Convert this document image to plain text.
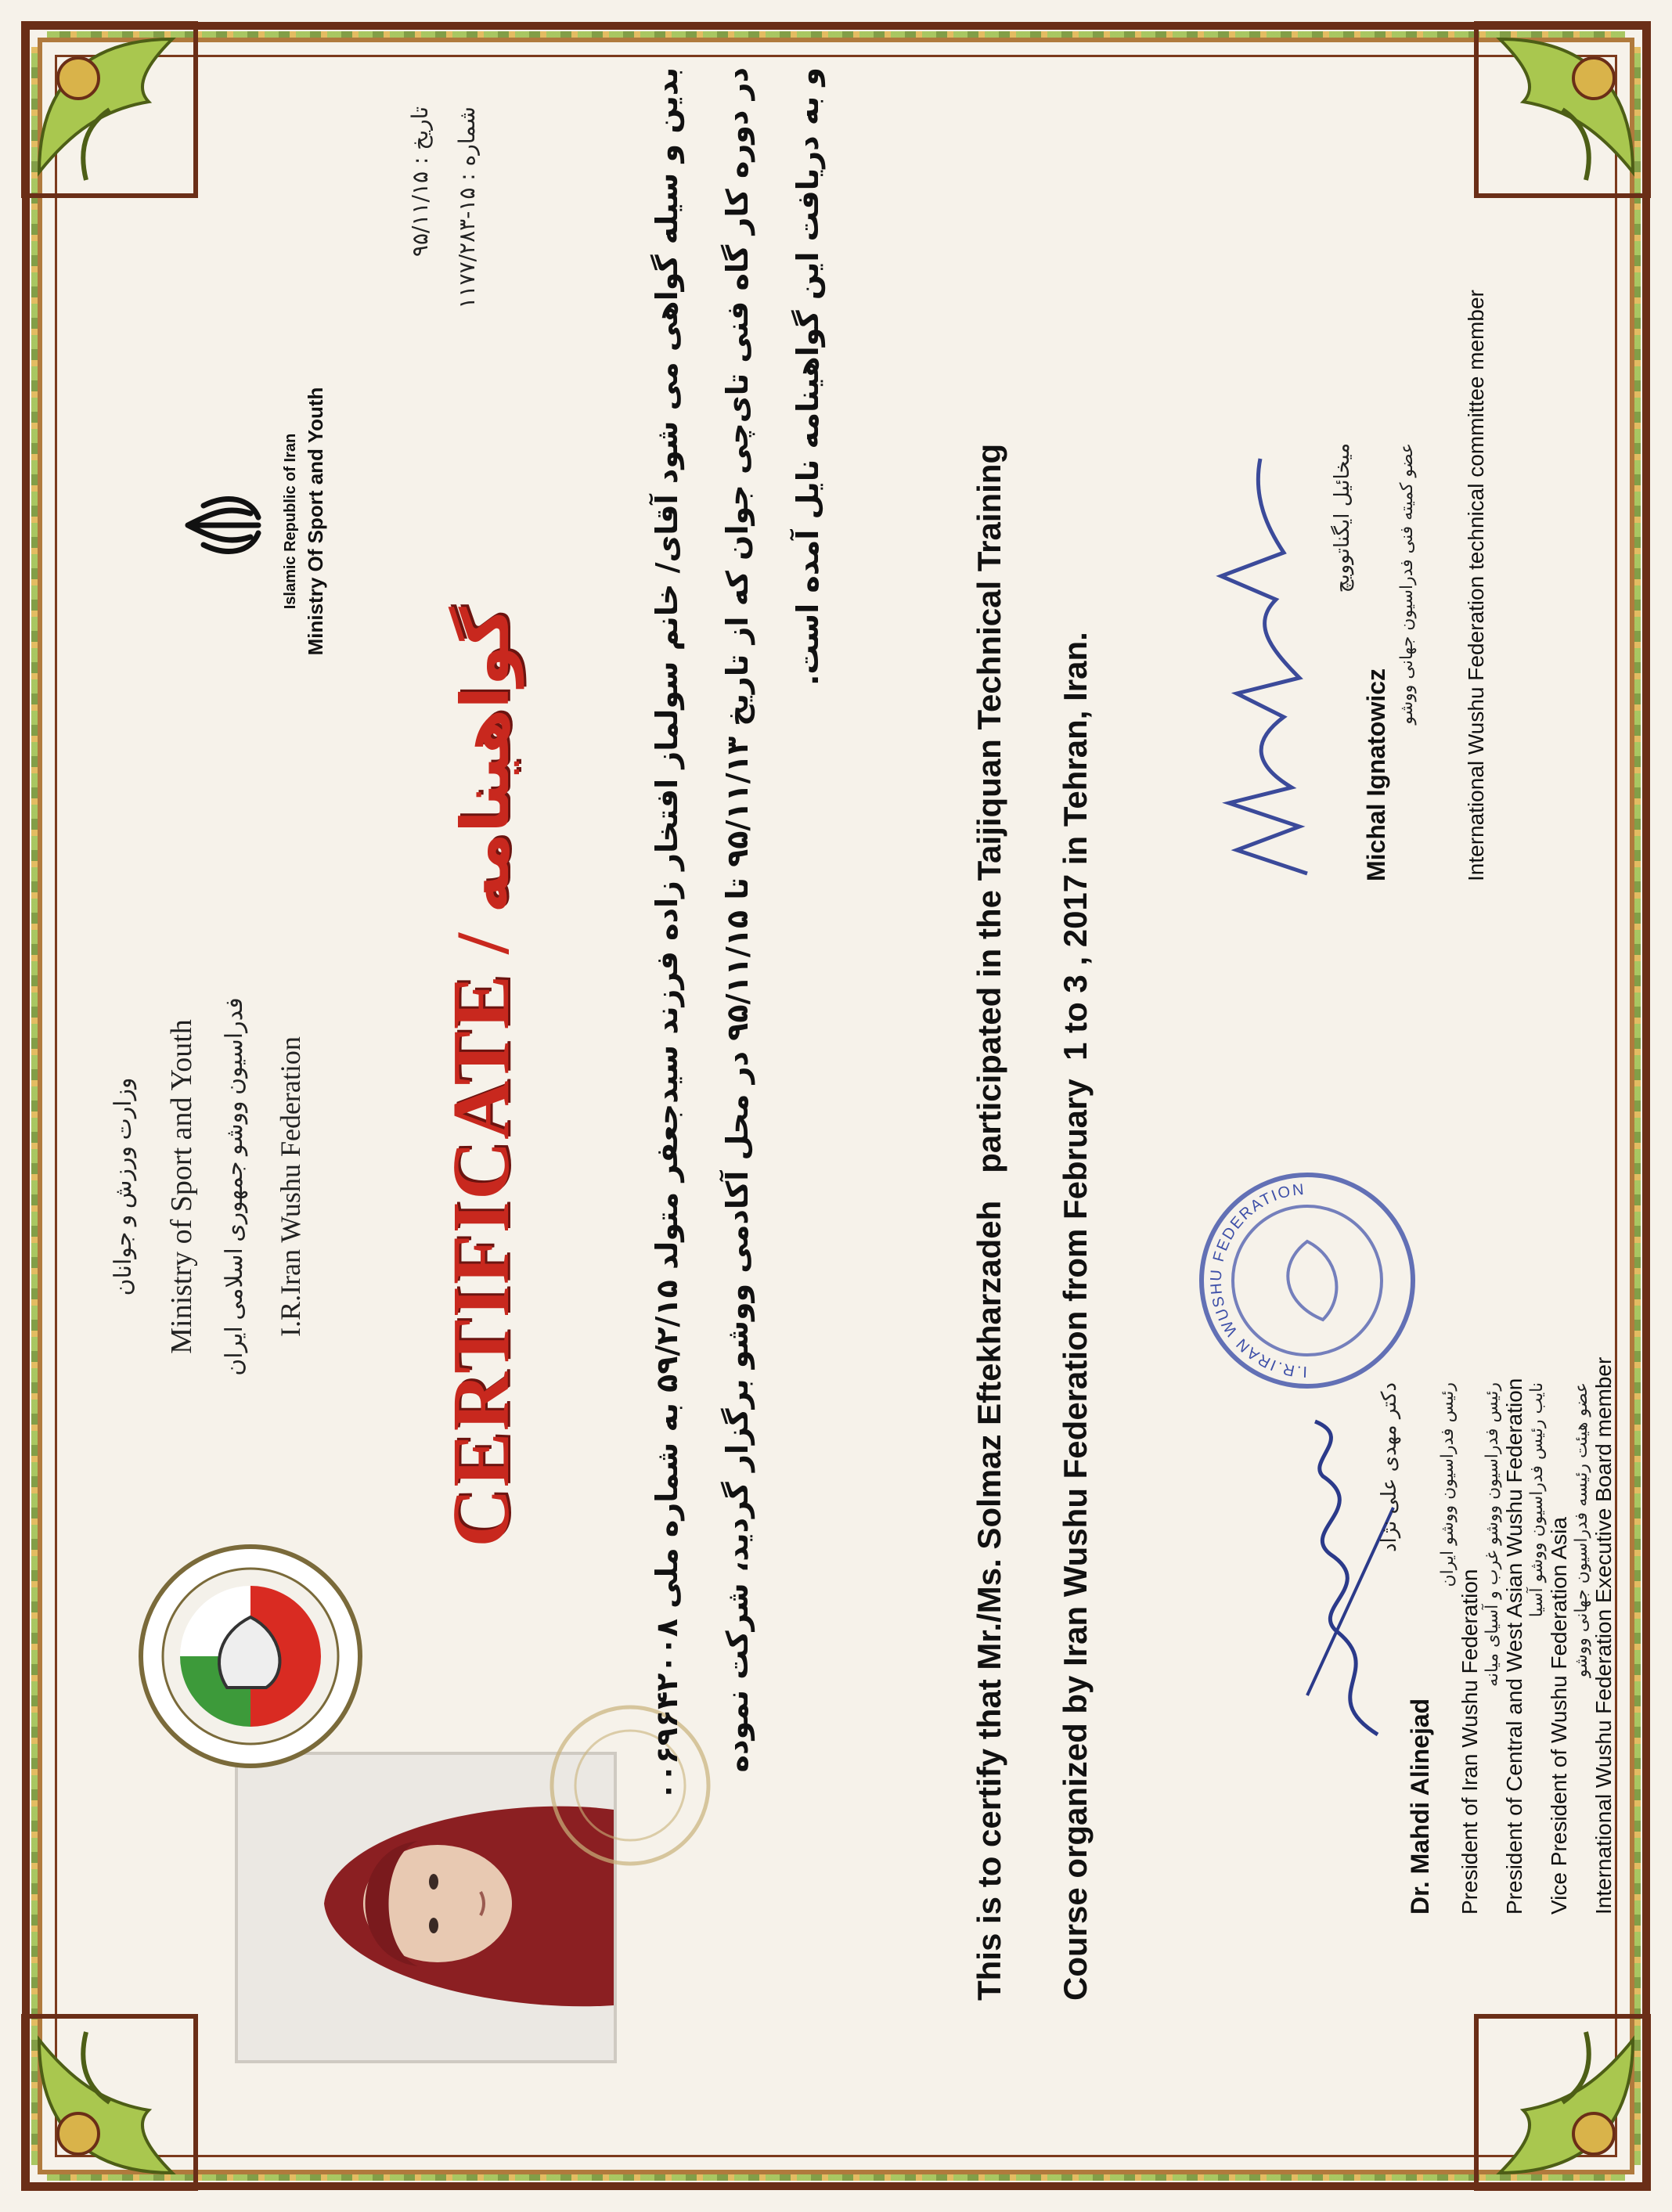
وزارت ورزش و جوانان Ministry of Sport and Youth فدراسیون ووشو جمهوری اسلامی ایران I.R.Iran Wushu Federation
Islamic Republic of Iran Ministry Of Sport and Youth
تاریخ : ۹۵/۱۱/۱۵
شماره : ۱۵-۱۱۷۷/۲۸۳
CERTIFICATE / گواهینامه
بدین و سیله گواهی می شود آقای/ خانم سولماز افتخار زاده فرزند سیدجعفر متولد ۵۹/۲/۱۵ به شماره ملی ۰۰۶۹۶۴۲۰۰۸
در دوره کار گاه فنی تای‌چی جوان که از تاریخ ۹۵/۱۱/۱۳ تا ۹۵/۱۱/۱۵ در محل آکادمی ووشو برگزار گردید، شرکت نموده و به دریافت این گواهینامه نایل آمده است.
This is to certify that Mr./Ms. Solmaz Eftekharzadeh   participated in the Taijiquan Technical Training Course organized by Iran Wushu Federation from February  1 to 3 , 2017 in Tehran, Iran.	I.R.IRAN WUSHU FEDERATION
دکتر مهدی علی نژاد
Dr. Mahdi Alinejad
رئیس فدراسیون ووشو ایران
President of Iran Wushu Federation
رئیس فدراسیون ووشو غرب و آسیای میانه President of Central and West Asian Wushu Federation نایب رئیس فدراسیون ووشو آسیا
Vice President of Wushu Federation Asia عضو هیئت رئیسه فدراسیون جهانی ووشو International Wushu Federation Executive Board member
میخائیل ایگناتوویچ
Michal Ignatowicz
عضو کمیته فنی فدراسیون جهانی ووشو International Wushu Federation technical committee member
